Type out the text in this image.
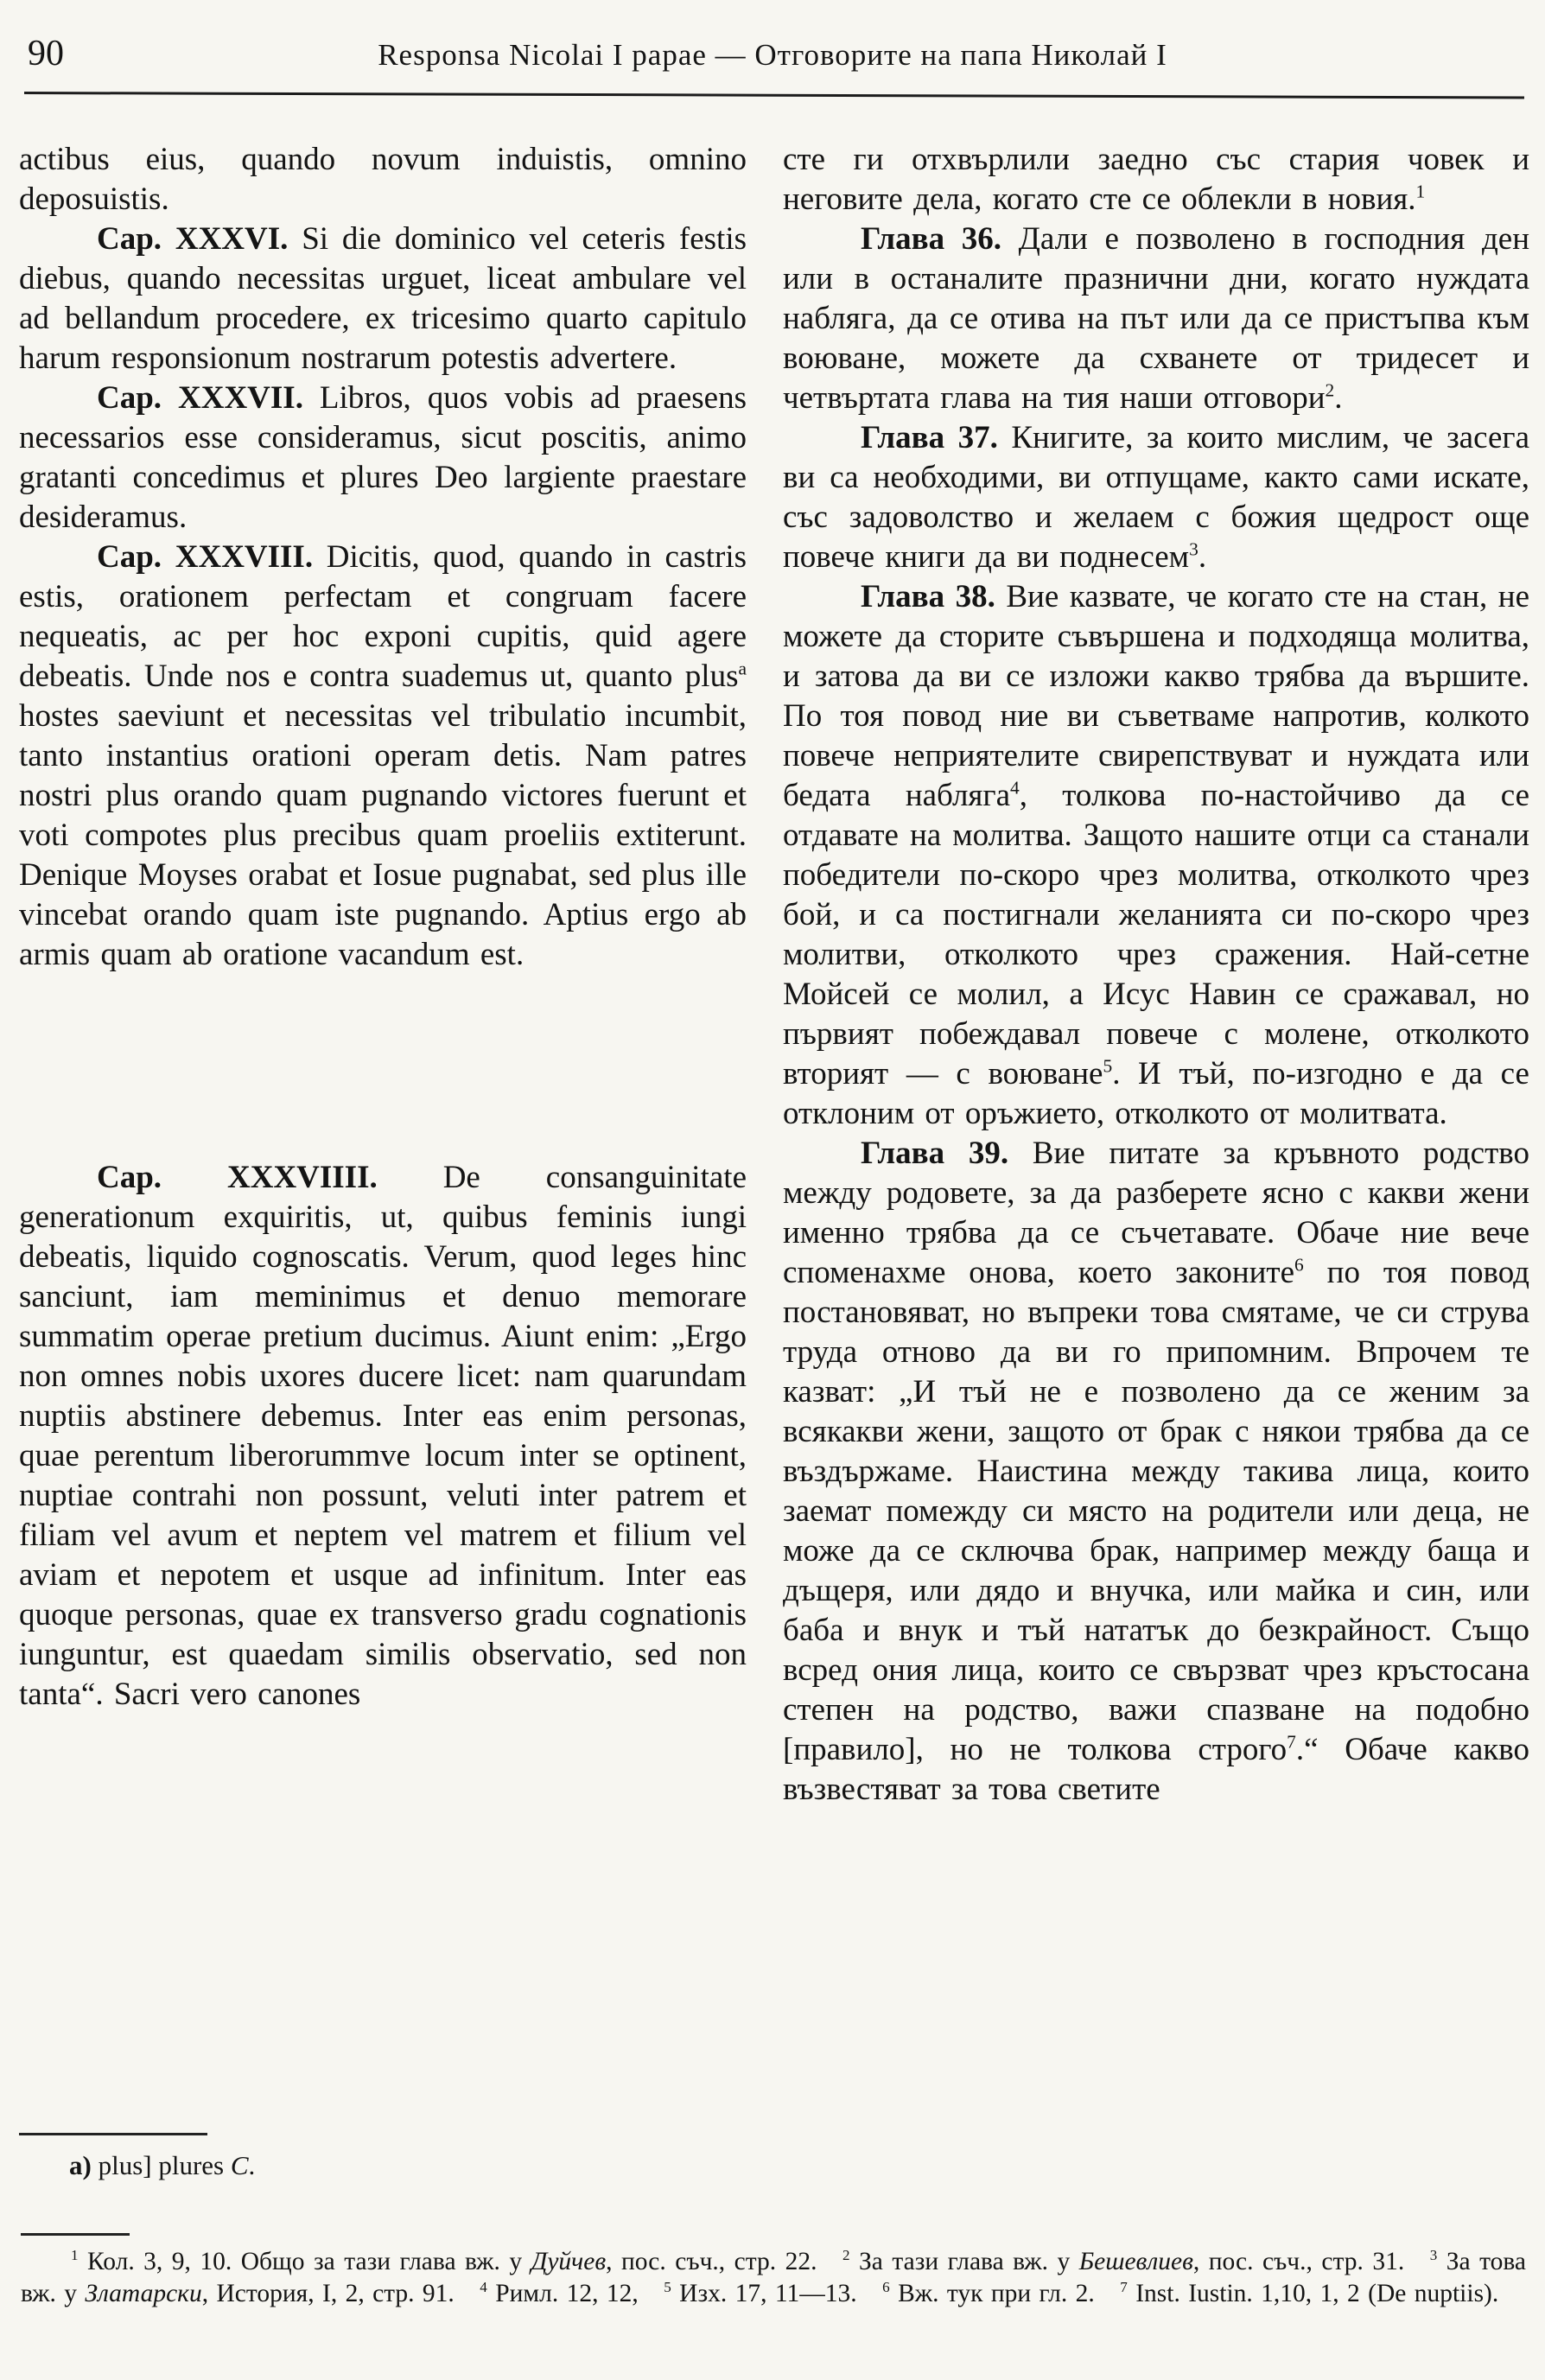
90	Responsa Nicolai I papae — Отговорите на папа Николай I

actibus eius, quando novum induistis, omnino deposuistis.

Cap. XXXVI. Si die dominico vel ceteris festis diebus, quando necessitas urguet, liceat ambulare vel ad bellandum procedere, ex tricesimo quarto capitulo harum responsionum nostrarum potestis advertere.

Cap. XXXVII. Libros, quos vobis ad praesens necessarios esse consideramus, sicut poscitis, animo gratanti concedimus et plures Deo largiente praestare desideramus.

Cap. XXXVIII. Dicitis, quod, quando in castris estis, orationem perfectam et congruam facere nequeatis, ac per hoc exponi cupitis, quid agere debeatis. Unde nos e contra suademus ut, quanto plus$^a$ hostes saeviunt et necessitas vel tribulatio incumbit, tanto instantius orationi operam detis. Nam patres nostri plus orando quam pugnando victores fuerunt et voti compotes plus precibus quam proeliis extiterunt. Denique Moyses orabat et Iosue pugnabat, sed plus ille vincebat orando quam iste pugnando. Aptius ergo ab armis quam ab oratione vacandum est.

Cap. XXXVIIII. De consanguinitate generationum exquiritis, ut, quibus feminis iungi debeatis, liquido cognoscatis. Verum, quod leges hinc sanciunt, iam meminimus et denuo memorare summatim operae pretium ducimus. Aiunt enim: „Ergo non omnes nobis uxores ducere licet: nam quarundam nuptiis abstinere debemus. Inter eas enim personas, quae perentum liberorummve locum inter se optinent, nuptiae contrahi non possunt, veluti inter patrem et filiam vel avum et neptem vel matrem et filium vel aviam et nepotem et usque ad infinitum. Inter eas quoque personas, quae ex transverso gradu cognationis iunguntur, est quaedam similis observatio, sed non tanta“. Sacri vero canones

сте ги отхвърлили заедно със стария човек и неговите дела, когато сте се облекли в новия.$^1$

Глава 36. Дали е позволено в господния ден или в останалите празнични дни, когато нуждата набляга, да се отива на път или да се пристъпва към воюване, можете да схванете от тридесет и четвъртата глава на тия наши отговори$^2$.

Глава 37. Книгите, за които мислим, че засега ви са необходими, ви отпущаме, както сами искате, със задоволство и желаем с божия щедрост още повече книги да ви поднесем$^3$.

Глава 38. Вие казвате, че когато сте на стан, не можете да сторите съвършена и подходяща молитва, и затова да ви се изложи какво трябва да вършите. По тоя повод ние ви съветваме напротив, колкото повече неприятелите свирепствуват и нуждата или бедата набляга$^4$, толкова по-настойчиво да се отдавате на молитва. Защото нашите отци са станали победители по-скоро чрез молитва, отколкото чрез бой, и са постигнали желанията си по-скоро чрез молитви, отколкото чрез сражения. Най-сетне Мойсей се молил, а Исус Навин се сражавал, но първият побеждавал повече с молене, отколкото вторият — с воюване$^5$. И тъй, по-изгодно е да се отклоним от оръжието, отколкото от молитвата.

Глава 39. Вие питате за кръвното родство между родовете, за да разберете ясно с какви жени именно трябва да се съчетавате. Обаче ние вече споменахме онова, което законите$^6$ по тоя повод постановяват, но въпреки това смятаме, че си струва труда отново да ви го припомним. Впрочем те казват: „И тъй не е позволено да се женим за всякакви жени, защото от брак с някои трябва да се въздържаме. Наистина между такива лица, които заемат помежду си място на родители или деца, не може да се сключва брак, например между баща и дъщеря, или дядо и внучка, или майка и син, или баба и внук и тъй нататък до безкрайност. Също всред ония лица, които се свързват чрез кръстосана степен на родство, важи спазване на подобно [правило], но не толкова строго$^7$.“ Обаче какво възвестяват за това светите

a) plus] plures C.

$^1$ Кол. 3, 9, 10. Общо за тази глава вж. у Дуйчев, пос. съч., стр. 22.  $^2$ За тази глава вж. у Бешевлиев, пос. съч., стр. 31.  $^3$ За това вж. у Златарски, История, I, 2, стр. 91.  $^4$ Римл. 12, 12,  $^5$ Изх. 17, 11—13.  $^6$ Вж. тук при гл. 2.  $^7$ Inst. Iustin. 1,10, 1, 2 (De nuptiis).
